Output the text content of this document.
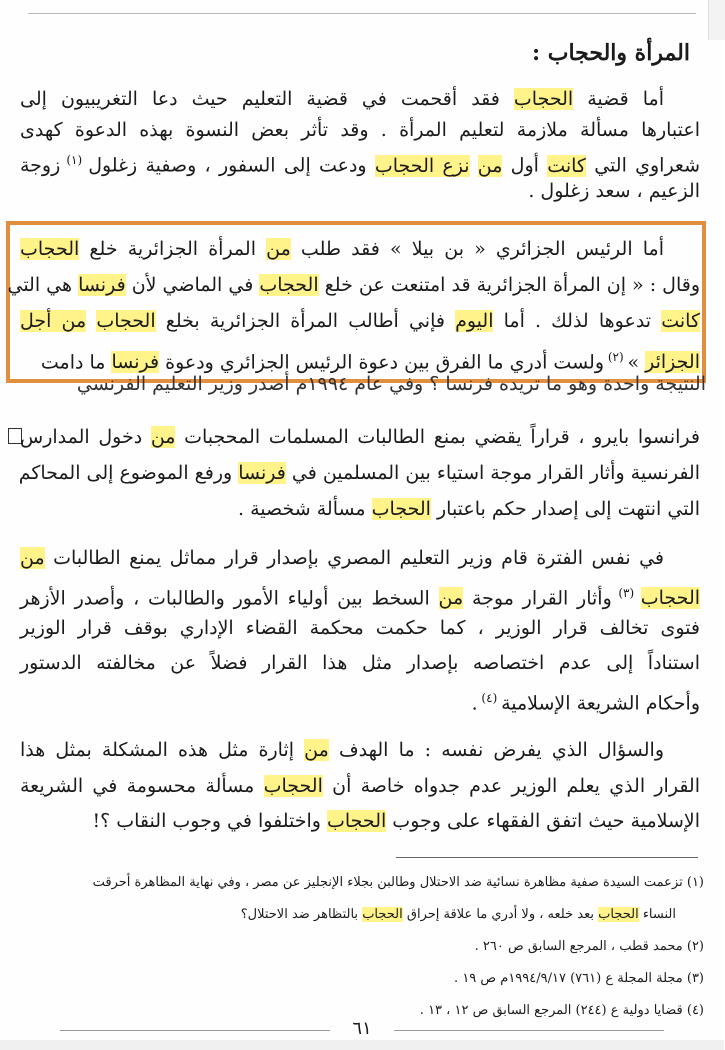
المرأة والحجاب :
أما قضية الحجاب فقد أقحمت في قضية التعليم حيث دعا التغريبيون إلى
اعتبارها مسألة ملازمة لتعليم المرأة . وقد تأثر بعض النسوة بهذه الدعوة كهدى
شعراوي التي كانت أول من نزع الحجاب ودعت إلى السفور ، وصفية زغلول $^{(١)}$ زوجة
الزعيم ، سعد زغلول .
أما الرئيس الجزائري « بن بيلا » فقد طلب من المرأة الجزائرية خلع الحجاب
وقال : « إن المرأة الجزائرية قد امتنعت عن خلع الحجاب في الماضي لأن فرنسا هي التي
كانت تدعوها لذلك . أما اليوم فإني أطالب المرأة الجزائرية بخلع الحجاب من أجل
الجزائر » $^{(٢)}$ ولست أدري ما الفرق بين دعوة الرئيس الجزائري ودعوة فرنسا ما دامت
النتيجة واحدة وهو ما تريده فرنسا ؟ وفي عام ١٩٩٤م أصدر وزير التعليم الفرنسي
فرانسوا بايرو ، قراراً يقضي بمنع الطالبات المسلمات المحجبات من دخول المدارس
الفرنسية وأثار القرار موجة استياء بين المسلمين في فرنسا ورفع الموضوع إلى المحاكم
التي انتهت إلى إصدار حكم باعتبار الحجاب مسألة شخصية .
في نفس الفترة قام وزير التعليم المصري بإصدار قرار مماثل يمنع الطالبات من
الحجاب $^{(٣)}$ وأثار القرار موجة من السخط بين أولياء الأمور والطالبات ، وأصدر الأزهر
فتوى تخالف قرار الوزير ، كما حكمت محكمة القضاء الإداري بوقف قرار الوزير
استناداً إلى عدم اختصاصه بإصدار مثل هذا القرار فضلاً عن مخالفته الدستور
وأحكام الشريعة الإسلامية $^{(٤)}$ .
والسؤال الذي يفرض نفسه : ما الهدف من إثارة مثل هذه المشكلة بمثل هذا
القرار الذي يعلم الوزير عدم جدواه خاصة أن الحجاب مسألة محسومة في الشريعة
الإسلامية حيث اتفق الفقهاء على وجوب الحجاب واختلفوا في وجوب النقاب ؟!
(١) تزعمت السيدة صفية مظاهرة نسائية ضد الاحتلال وطالبن بجلاء الإنجليز عن مصر ، وفي نهاية المظاهرة أحرقت
النساء الحجاب بعد خلعه ، ولا أدري ما علاقة إحراق الحجاب بالتظاهر ضد الاحتلال؟
(٢) محمد قطب ، المرجع السابق ص ٢٦٠ .
(٣) مجلة المجلة ع (٧٦١) ١٩٩٤/٩/١٧م ص ١٩ .
(٤) قضايا دولية ع (٢٤٤) المرجع السابق ص ١٢ ، ١٣ .
٦١
